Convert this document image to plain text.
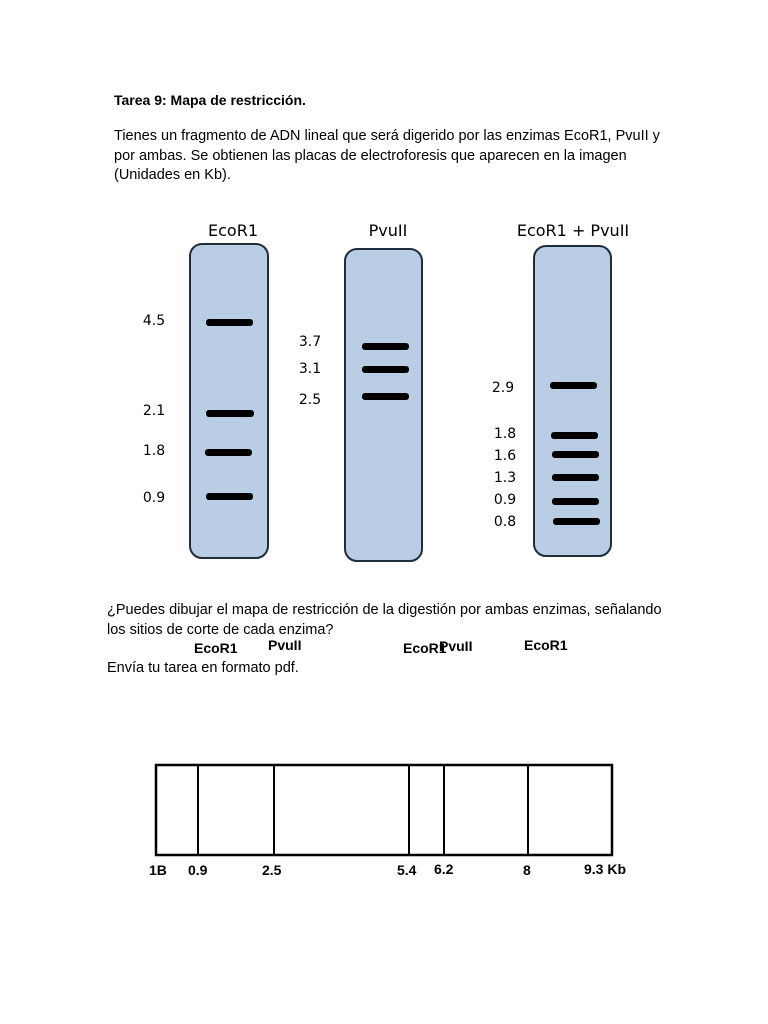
Tarea 9: Mapa de restricción.
Tienes un fragmento de ADN lineal que será digerido por las enzimas EcoR1, PvuII y por ambas. Se obtienen las placas de electroforesis que aparecen en la imagen (Unidades en Kb).
EcoR1
4.5
2.1
1.8
0.9
PvuII
3.7
3.1
2.5
EcoR1 + PvuII
2.9
1.8
1.6
1.3
0.9
0.8
¿Puedes dibujar el mapa de restricción de la digestión por ambas enzimas, señalando los sitios de corte de cada enzima?
Envía tu tarea en formato pdf.
EcoR1 PvuII	EcoR1
PvuII	EcoR1
1B 0.9	2.5	5.4 6.2	8	9.3 Kb
